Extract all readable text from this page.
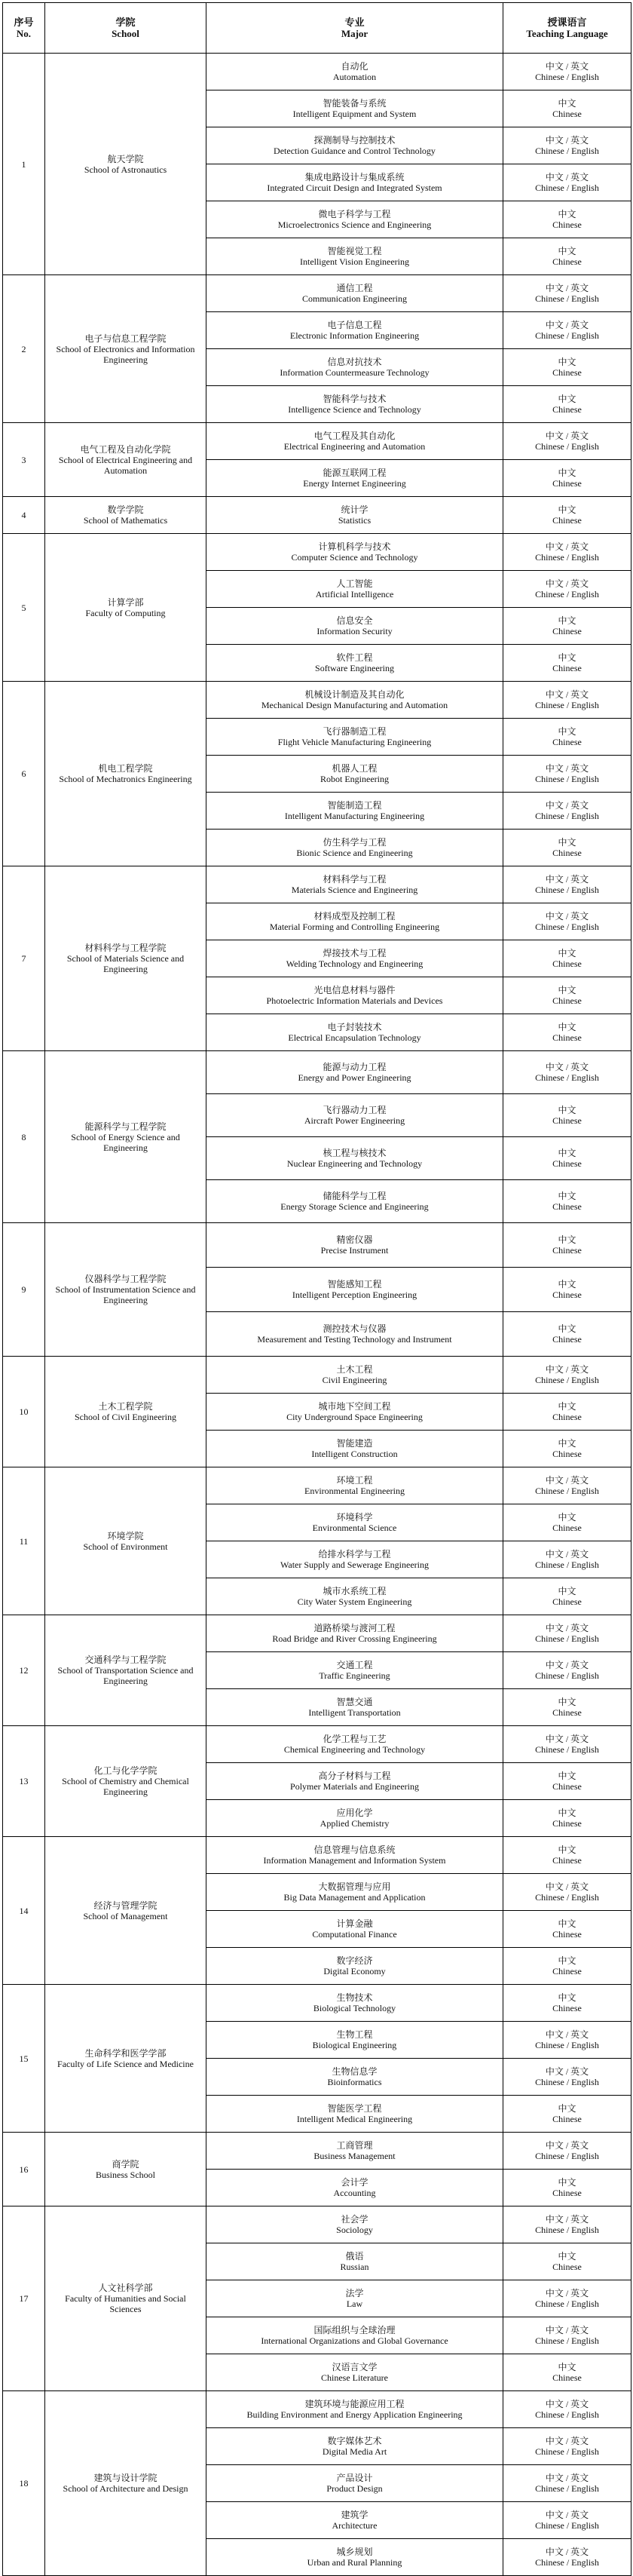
序号
No.	学院
School	专业
Major	授课语言
Teaching Language

1	航天学院
School of Astronautics	自动化
Automation	中文 / 英文
Chinese / English

		智能装备与系统
Intelligent Equipment and System	中文
Chinese

		探测制导与控制技术
Detection Guidance and Control Technology	中文 / 英文
Chinese / English

		集成电路设计与集成系统
Integrated Circuit Design and Integrated System	中文 / 英文
Chinese / English

		微电子科学与工程
Microelectronics Science and Engineering	中文
Chinese

		智能视觉工程
Intelligent Vision Engineering	中文
Chinese

2	电子与信息工程学院
School of Electronics and Information Engineering	通信工程
Communication Engineering	中文 / 英文
Chinese / English

		电子信息工程
Electronic Information Engineering	中文 / 英文
Chinese / English

		信息对抗技术
Information Countermeasure Technology	中文
Chinese

		智能科学与技术
Intelligence Science and Technology	中文
Chinese

3	电气工程及自动化学院
School of Electrical Engineering and Automation	电气工程及其自动化
Electrical Engineering and Automation	中文 / 英文
Chinese / English

		能源互联网工程
Energy Internet Engineering	中文
Chinese

4	数学学院
School of Mathematics	统计学
Statistics	中文
Chinese

5	计算学部
Faculty of Computing	计算机科学与技术
Computer Science and Technology	中文 / 英文
Chinese / English

		人工智能
Artificial Intelligence	中文 / 英文
Chinese / English

		信息安全
Information Security	中文
Chinese

		软件工程
Software Engineering	中文
Chinese

6	机电工程学院
School of Mechatronics Engineering	机械设计制造及其自动化
Mechanical Design Manufacturing and Automation	中文 / 英文
Chinese / English

		飞行器制造工程
Flight Vehicle Manufacturing Engineering	中文
Chinese

		机器人工程
Robot Engineering	中文 / 英文
Chinese / English

		智能制造工程
Intelligent Manufacturing Engineering	中文 / 英文
Chinese / English

		仿生科学与工程
Bionic Science and Engineering	中文
Chinese

7	材料科学与工程学院
School of Materials Science and Engineering	材料科学与工程
Materials Science and Engineering	中文 / 英文
Chinese / English

		材料成型及控制工程
Material Forming and Controlling Engineering	中文 / 英文
Chinese / English

		焊接技术与工程
Welding Technology and Engineering	中文
Chinese

		光电信息材料与器件
Photoelectric Information Materials and Devices	中文
Chinese

		电子封装技术
Electrical Encapsulation Technology	中文
Chinese

8	能源科学与工程学院
School of Energy Science and Engineering	能源与动力工程
Energy and Power Engineering	中文 / 英文
Chinese / English

		飞行器动力工程
Aircraft Power Engineering	中文
Chinese

		核工程与核技术
Nuclear Engineering and Technology	中文
Chinese

		储能科学与工程
Energy Storage Science and Engineering	中文
Chinese

9	仪器科学与工程学院
School of Instrumentation Science and Engineering	精密仪器
Precise Instrument	中文
Chinese

		智能感知工程
Intelligent Perception Engineering	中文
Chinese

		测控技术与仪器
Measurement and Testing Technology and Instrument	中文
Chinese

10	土木工程学院
School of Civil Engineering	土木工程
Civil Engineering	中文 / 英文
Chinese / English

		城市地下空间工程
City Underground Space Engineering	中文
Chinese

		智能建造
Intelligent Construction	中文
Chinese

11	环境学院
School of Environment	环境工程
Environmental Engineering	中文 / 英文
Chinese / English

		环境科学
Environmental Science	中文
Chinese

		给排水科学与工程
Water Supply and Sewerage Engineering	中文 / 英文
Chinese / English

		城市水系统工程
City Water System Engineering	中文
Chinese

12	交通科学与工程学院
School of Transportation Science and Engineering	道路桥梁与渡河工程
Road Bridge and River Crossing Engineering	中文 / 英文
Chinese / English

		交通工程
Traffic Engineering	中文 / 英文
Chinese / English

		智慧交通
Intelligent Transportation	中文
Chinese

13	化工与化学学院
School of Chemistry and Chemical Engineering	化学工程与工艺
Chemical Engineering and Technology	中文 / 英文
Chinese / English

		高分子材料与工程
Polymer Materials and Engineering	中文
Chinese

		应用化学
Applied Chemistry	中文
Chinese

14	经济与管理学院
School of Management	信息管理与信息系统
Information Management and Information System	中文
Chinese

		大数据管理与应用
Big Data Management and Application	中文 / 英文
Chinese / English

		计算金融
Computational Finance	中文
Chinese

		数字经济
Digital Economy	中文
Chinese

15	生命科学和医学学部
Faculty of Life Science and Medicine	生物技术
Biological Technology	中文
Chinese

		生物工程
Biological Engineering	中文 / 英文
Chinese / English

		生物信息学
Bioinformatics	中文 / 英文
Chinese / English

		智能医学工程
Intelligent Medical Engineering	中文
Chinese

16	商学院
Business School	工商管理
Business Management	中文 / 英文
Chinese / English

		会计学
Accounting	中文
Chinese

17	人文社科学部
Faculty of Humanities and Social Sciences	社会学
Sociology	中文 / 英文
Chinese / English

		俄语
Russian	中文
Chinese

		法学
Law	中文 / 英文
Chinese / English

		国际组织与全球治理
International Organizations and Global Governance	中文 / 英文
Chinese / English

		汉语言文学
Chinese Literature	中文
Chinese

18	建筑与设计学院
School of Architecture and Design	建筑环境与能源应用工程
Building Environment and Energy Application Engineering	中文 / 英文
Chinese / English

		数字媒体艺术
Digital Media Art	中文 / 英文
Chinese / English

		产品设计
Product Design	中文 / 英文
Chinese / English

		建筑学
Architecture	中文 / 英文
Chinese / English

		城乡规划
Urban and Rural Planning	中文 / 英文
Chinese / English
